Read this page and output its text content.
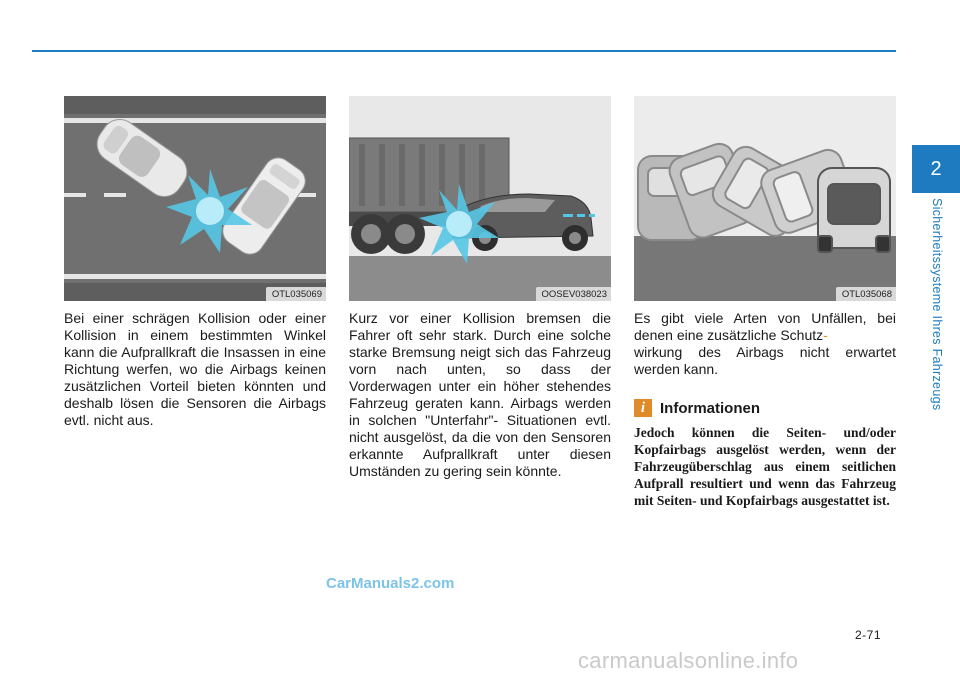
2
Sicherheitssysteme Ihres Fahrzeugs
OTL035069	OOSEV038023	OTL035068
Bei einer schrägen Kollision oder einer Kollision in einem bestimmten Winkel kann die Aufprallkraft die Insassen in eine Richtung werfen, wo die Airbags keinen zusätzlichen Vorteil bieten könnten und deshalb lösen die Sensoren die Airbags evtl. nicht aus.
Kurz vor einer Kollision bremsen die Fahrer oft sehr stark. Durch eine solche starke Bremsung neigt sich das Fahrzeug vorn nach unten, so dass der Vorderwagen unter ein höher stehendes Fahrzeug geraten kann. Airbags werden in solchen "Unterfahr"- Situationen evtl. nicht ausgelöst, da die von den Sensoren erkannte Aufprallkraft unter diesen Umständen zu gering sein könnte.
Es gibt viele Arten von Unfällen, bei denen eine zusätzliche Schutz-
wirkung des Airbags nicht erwartet werden kann.
i Informationen
Jedoch können die Seiten- und/oder Kopfairbags ausgelöst werden, wenn der Fahrzeugüberschlag aus einem seitlichen Aufprall resultiert und wenn das Fahrzeug mit Seiten- und Kopfairbags ausgestattet ist.
CarManuals2.com
2-71
carmanualsonline.info
